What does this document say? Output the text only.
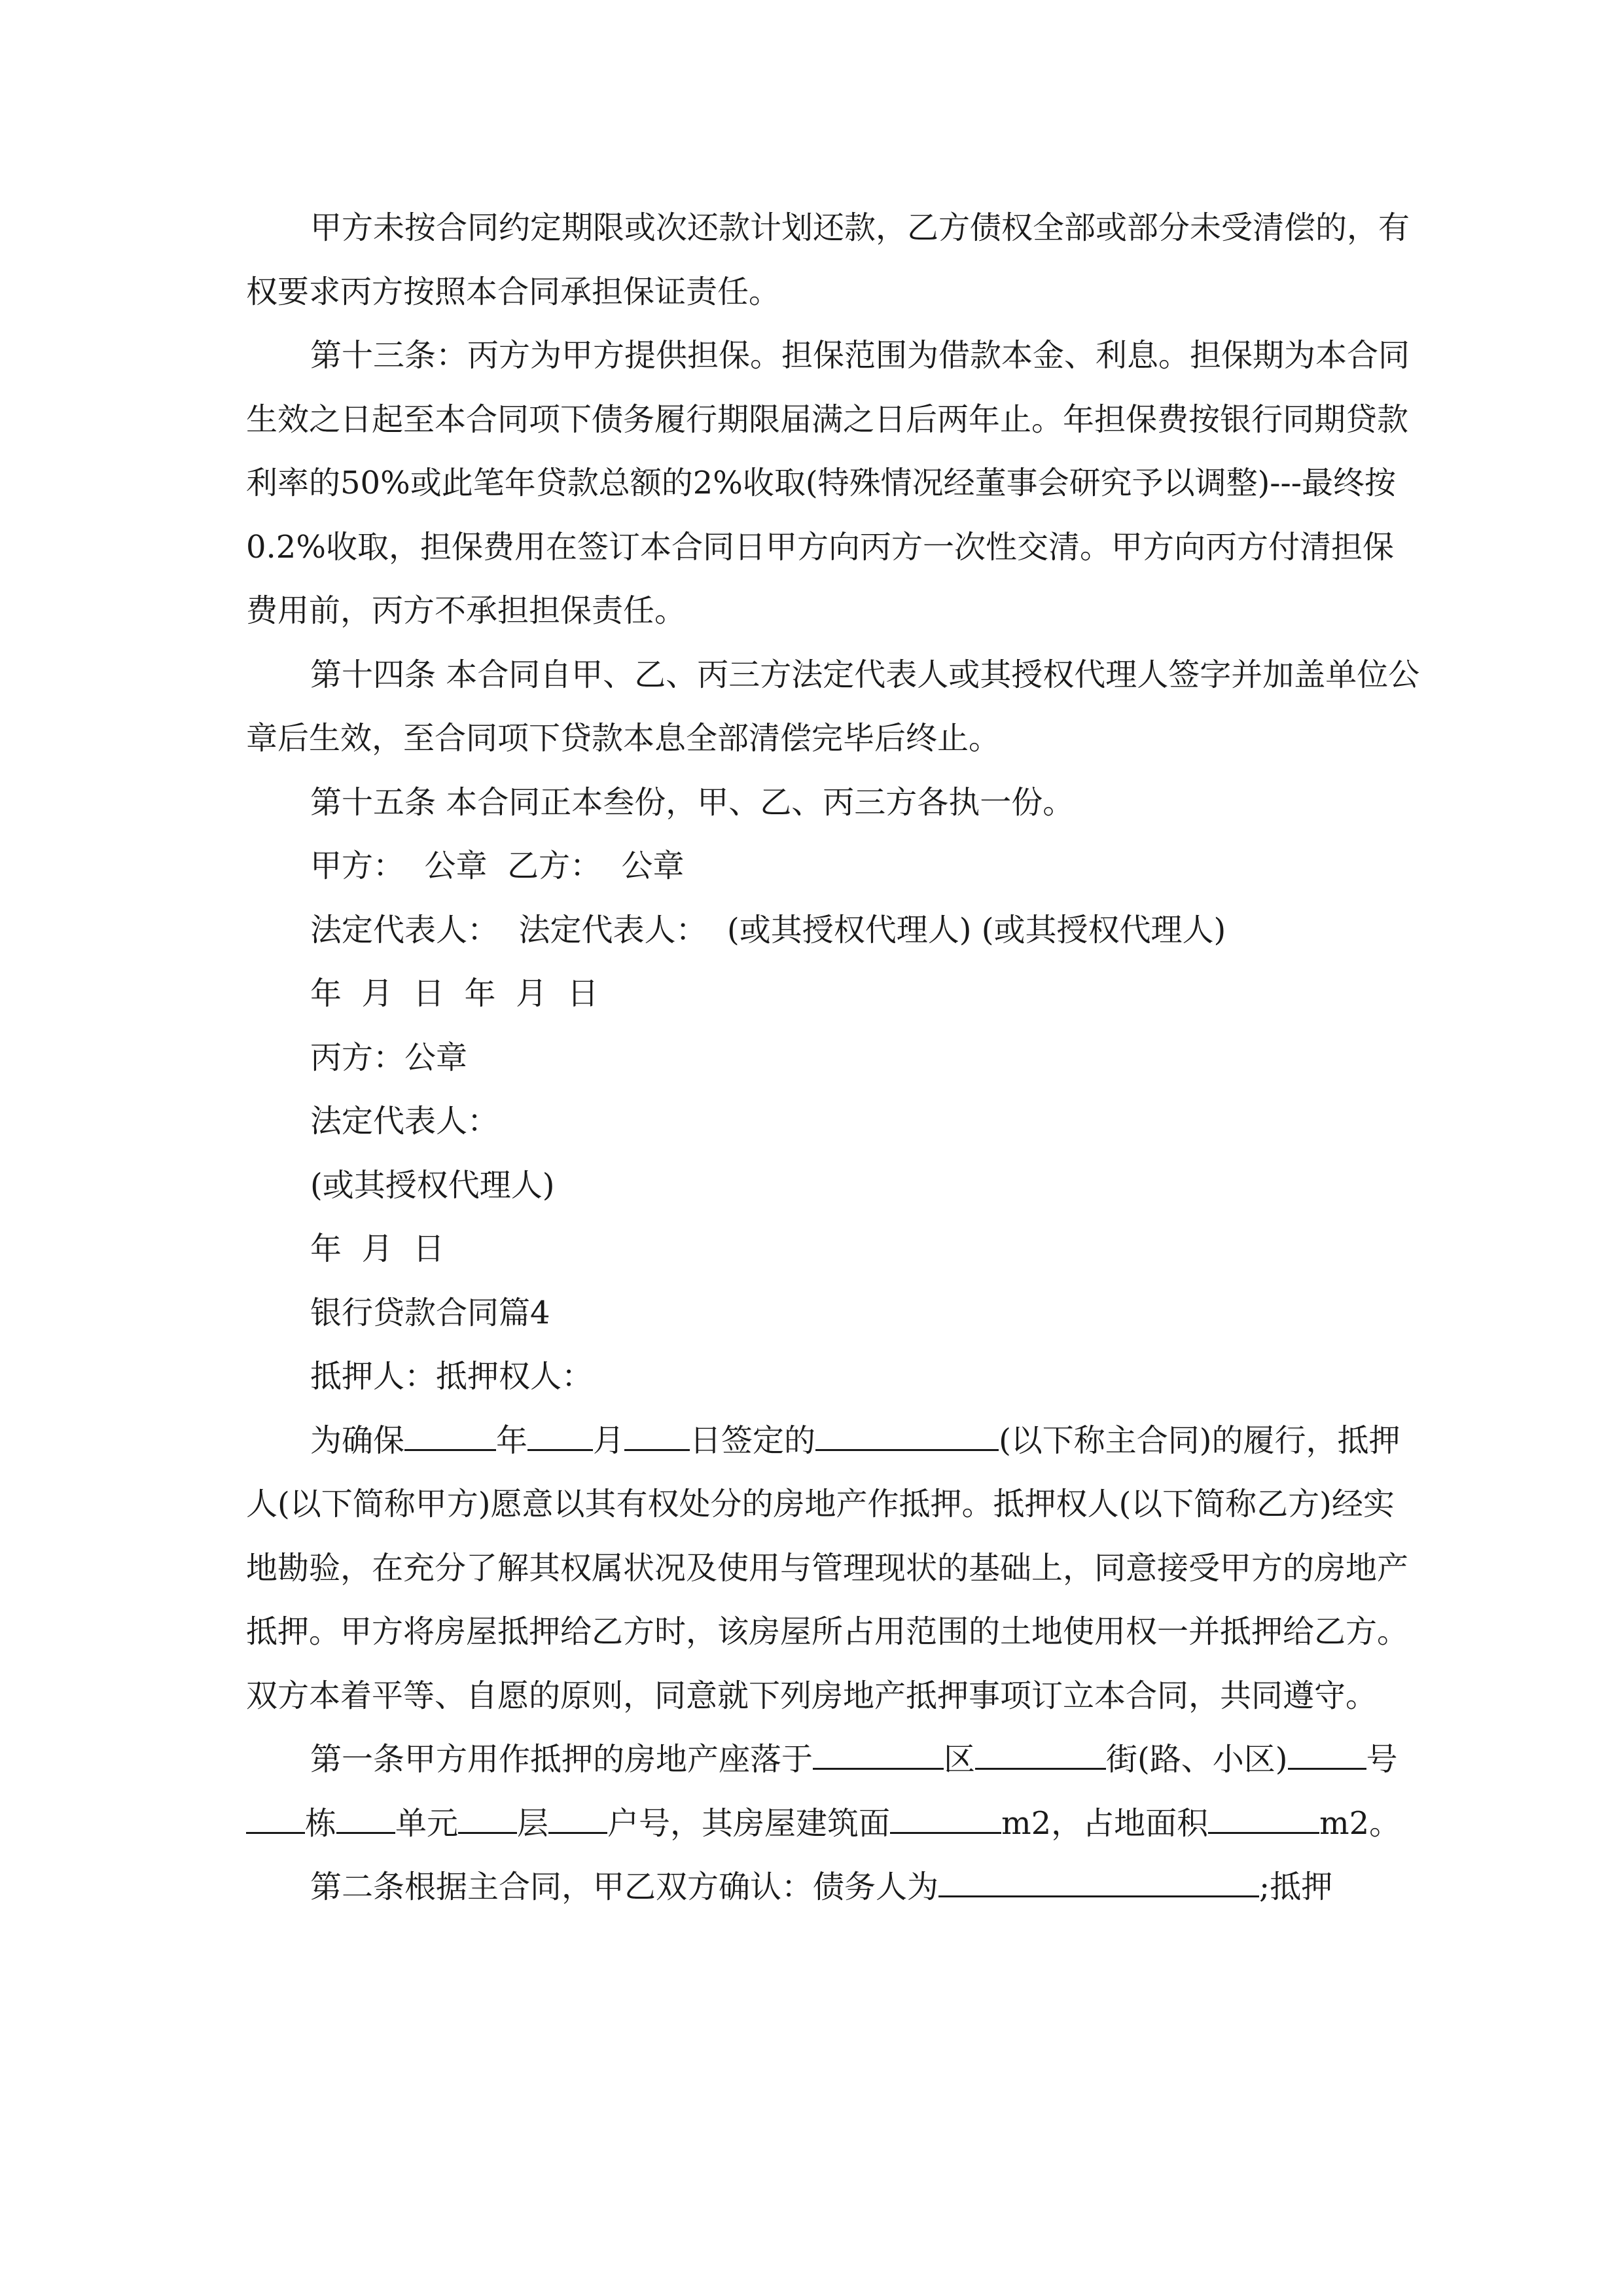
甲方未按合同约定期限或次还款计划还款，乙方债权全部或部分未受清偿的，有权要求丙方按照本合同承担保证责任。

第十三条：丙方为甲方提供担保。担保范围为借款本金、利息。担保期为本合同生效之日起至本合同项下债务履行期限届满之日后两年止。年担保费按银行同期贷款利率的50%或此笔年贷款总额的2%收取(特殊情况经董事会研究予以调整)---最终按0.2%收取，担保费用在签订本合同日甲方向丙方一次性交清。甲方向丙方付清担保费用前，丙方不承担担保责任。

第十四条 本合同自甲、乙、丙三方法定代表人或其授权代理人签字并加盖单位公章后生效，至合同项下贷款本息全部清偿完毕后终止。

第十五条 本合同正本叁份，甲、乙、丙三方各执一份。

甲方：  公章  乙方：  公章

法定代表人：  法定代表人：  (或其授权代理人) (或其授权代理人)

年  月  日  年  月  日

丙方：公章

法定代表人：

(或其授权代理人)

年  月  日

银行贷款合同篇4

抵押人：抵押权人：

为确保	年 月 日签定的	(以下称主合同)的履行，抵押人(以下简称甲方)愿意以其有权处分的房地产作抵押。抵押权人(以下简称乙方)经实地勘验，在充分了解其权属状况及使用与管理现状的基础上，同意接受甲方的房地产抵押。甲方将房屋抵押给乙方时，该房屋所占用范围的土地使用权一并抵押给乙方。双方本着平等、自愿的原则，同意就下列房地产抵押事项订立本合同，共同遵守。

第一条甲方用作抵押的房地产座落于	区	街(路、小区)	号栋 单元 层 户号，其房屋建筑面	m2，占地面积	m2。

第二条根据主合同，甲乙双方确认：债务人为	;抵押
